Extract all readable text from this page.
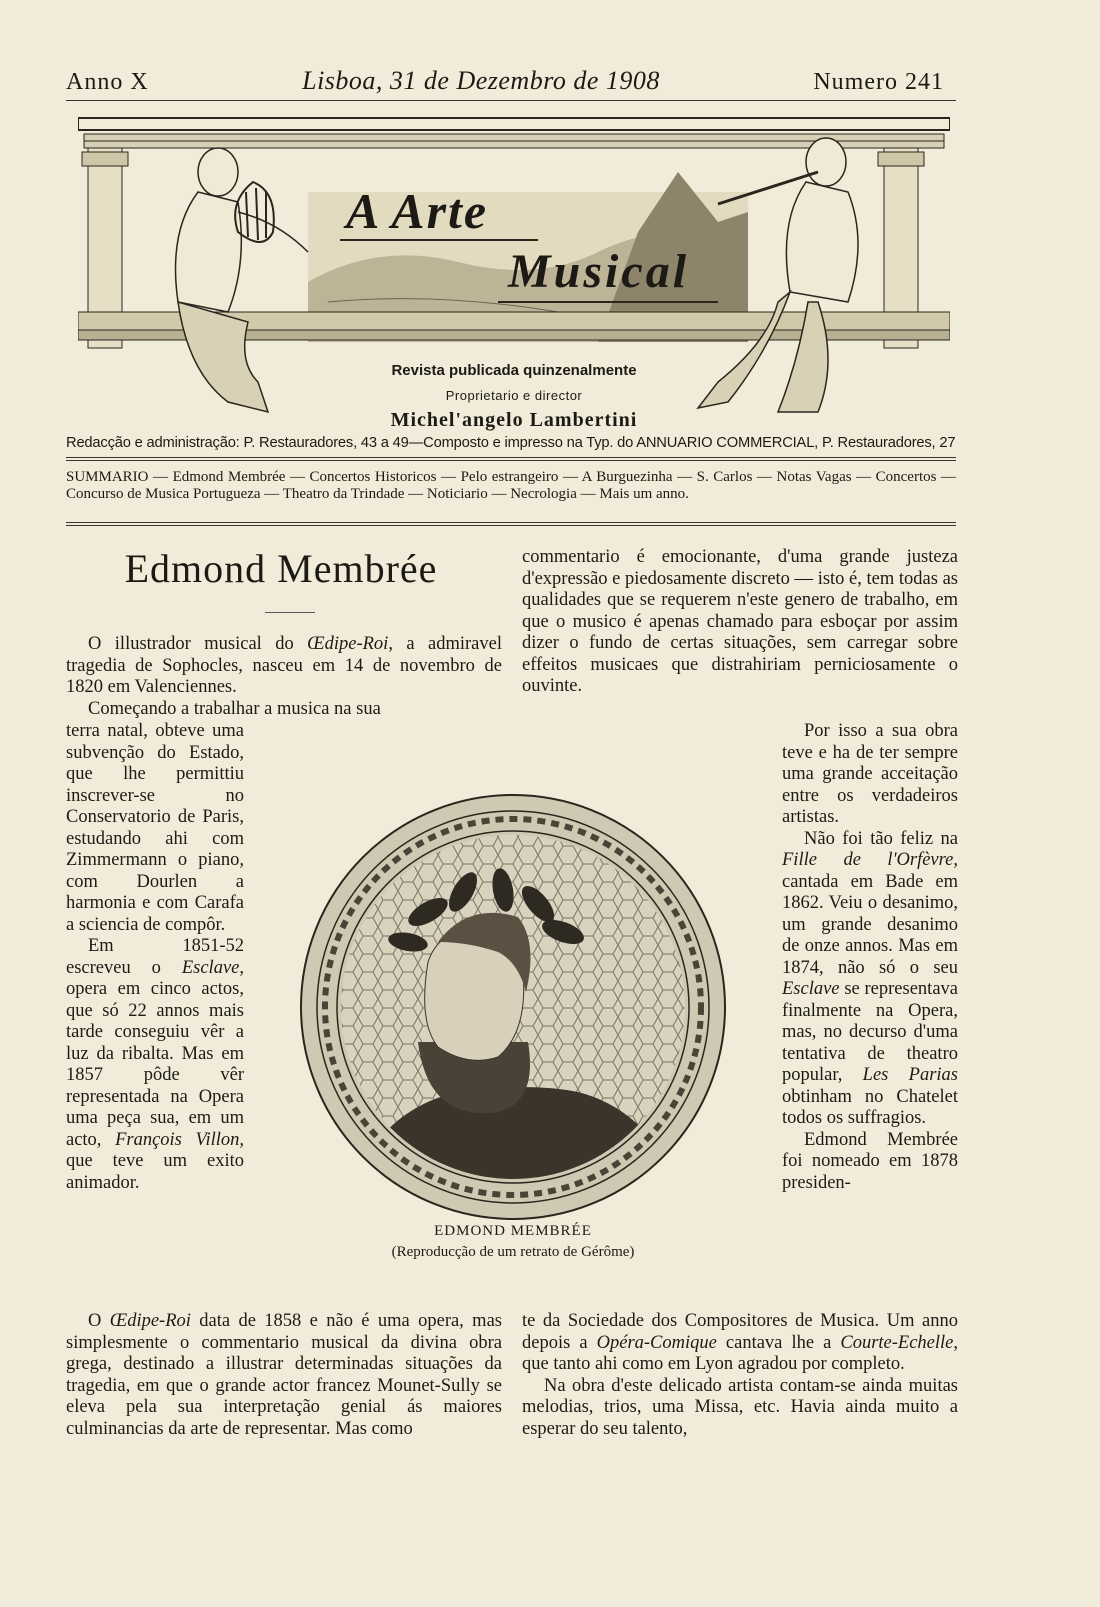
Anno X	Lisboa, 31 de Dezembro de 1908	Numero 241
A Arte
Musical
Revista publicada quinzenalmente
Proprietario e director
Michel'angelo Lambertini
Redacção e administração: P. Restauradores, 43 a 49—Composto e impresso na Typ. do ANNUARIO COMMERCIAL, P. Restauradores, 27
SUMMARIO — Edmond Membrée — Concertos Historicos — Pelo estrangeiro — A Burguezinha — S. Carlos — Notas Vagas — Concertos — Concurso de Musica Portugueza — Theatro da Trindade — Noticiario — Necrologia — Mais um anno.
Edmond Membrée

O illustrador musical do Œdipe-Roi, a admiravel tragedia de Sophocles, nasceu em 14 de novembro de 1820 em Valenciennes.

Começando a trabalhar a musica na sua

terra natal, obteve uma subvenção do Estado, que lhe permittiu inscrever-se no Conservatorio de Paris, estudando ahi com Zimmermann o piano, com Dourlen a harmonia e com Carafa a sciencia de compôr.

Em 1851-52 escreveu o Esclave, opera em cinco actos, que só 22 annos mais tarde conseguiu vêr a luz da ribalta. Mas em 1857 pôde vêr representada na Opera uma peça sua, em um acto, François Villon, que teve um exito animador.

O Œdipe-Roi data de 1858 e não é uma opera, mas simplesmente o commentario musical da divina obra grega, destinado a illustrar determinadas situações da tragedia, em que o grande actor francez Mounet-Sully se eleva pela sua interpretação genial ás maiores culminancias da arte de representar. Mas como

commentario é emocionante, d'uma grande justeza d'expressão e piedosamente discreto — isto é, tem todas as qualidades que se requerem n'este genero de trabalho, em que o musico é apenas chamado para esboçar por assim dizer o fundo de certas situações, sem carregar sobre effeitos musicaes que distrahiriam perniciosamente o ouvinte.

Por isso a sua obra teve e ha de ter sempre uma grande acceitação entre os verdadeiros artistas.

Não foi tão feliz na Fille de l'Orfèvre, cantada em Bade em 1862. Veiu o desanimo, um grande desanimo de onze annos. Mas em 1874, não só o seu Esclave se representava finalmente na Opera, mas, no decurso d'uma tentativa de theatro popular, Les Parias obtinham no Chatelet todos os suffragios.

Edmond Membrée foi nomeado em 1878 presiden-

te da Sociedade dos Compositores de Musica. Um anno depois a Opéra-Comique cantava lhe a Courte-Echelle, que tanto ahi como em Lyon agradou por completo.

Na obra d'este delicado artista contam-se ainda muitas melodias, trios, uma Missa, etc. Havia ainda muito a esperar do seu talento,

EDMOND MEMBRÉE
(Reproducção de um retrato de Gérôme)
